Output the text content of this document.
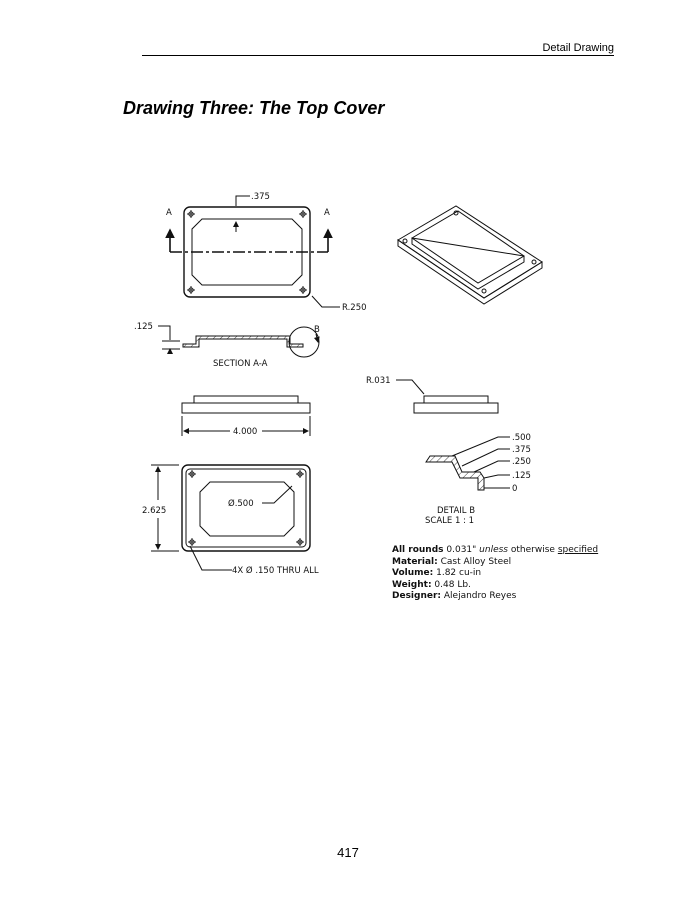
Detail Drawing
Drawing Three: The Top Cover
.375
A	A
R.250
.125	B
SECTION A-A
4.000
R.031
2.625
Ø.500
4X Ø .150 THRU ALL
.500
.375
.250
.125
0
DETAIL B
SCALE 1 : 1
All rounds 0.031" unless otherwise specified
Material: Cast Alloy Steel
Volume: 1.82 cu-in
Weight: 0.48 Lb.
Designer: Alejandro Reyes
417
